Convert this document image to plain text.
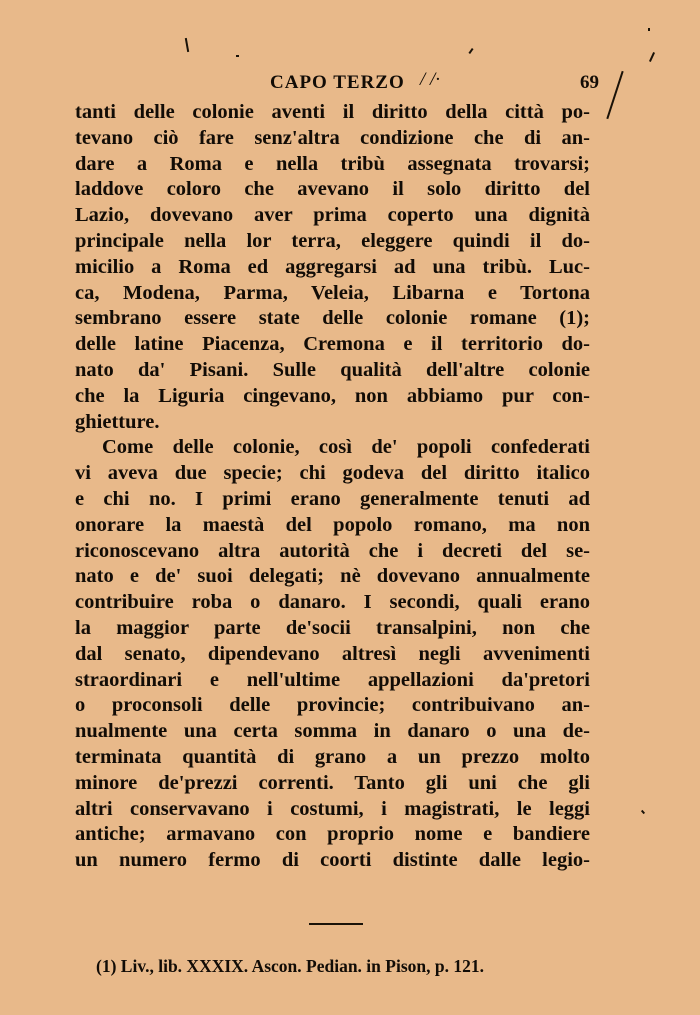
CAPO TERZO / /·	69
tanti delle colonie aventi il diritto della città po-
tevano ciò fare senz'altra condizione che di an-
dare a Roma e nella tribù assegnata trovarsi;
laddove coloro che avevano il solo diritto del
Lazio, dovevano aver prima coperto una dignità
principale nella lor terra, eleggere quindi il do-
micilio a Roma ed aggregarsi ad una tribù. Luc-
ca, Modena, Parma, Veleia, Libarna e Tortona
sembrano essere state delle colonie romane (1);
delle latine Piacenza, Cremona e il territorio do-
nato da' Pisani. Sulle qualità dell'altre colonie
che la Liguria cingevano, non abbiamo pur con-
ghietture.
Come delle colonie, così de' popoli confederati
vi aveva due specie; chi godeva del diritto italico
e chi no. I primi erano generalmente tenuti ad
onorare la maestà del popolo romano, ma non
riconoscevano altra autorità che i decreti del se-
nato e de' suoi delegati; nè dovevano annualmente
contribuire roba o danaro. I secondi, quali erano
la maggior parte de'socii transalpini, non che
dal senato, dipendevano altresì negli avvenimenti
straordinari e nell'ultime appellazioni da'pretori
o proconsoli delle provincie; contribuivano an-
nualmente una certa somma in danaro o una de-
terminata quantità di grano a un prezzo molto
minore de'prezzi correnti. Tanto gli uni che gli
altri conservavano i costumi, i magistrati, le leggi
antiche; armavano con proprio nome e bandiere
un numero fermo di coorti distinte dalle legio-
(1) Liv., lib. XXXIX. Ascon. Pedian. in Pison, p. 121.
